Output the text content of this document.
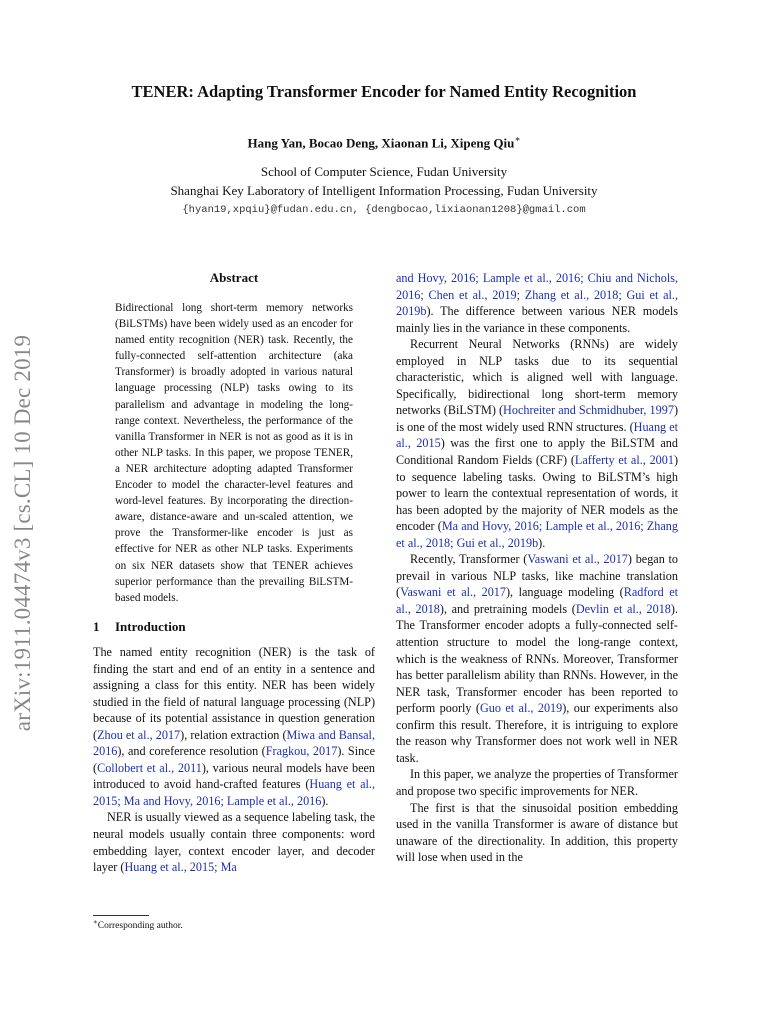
arXiv:1911.04474v3 [cs.CL] 10 Dec 2019
TENER: Adapting Transformer Encoder for Named Entity Recognition
Hang Yan, Bocao Deng, Xiaonan Li, Xipeng Qiu∗
School of Computer Science, Fudan University
Shanghai Key Laboratory of Intelligent Information Processing, Fudan University
{hyan19,xpqiu}@fudan.edu.cn, {dengbocao,lixiaonan1208}@gmail.com
Abstract
Bidirectional long short-term memory networks (BiLSTMs) have been widely used as an encoder for named entity recognition (NER) task. Recently, the fully-connected self-attention architecture (aka Transformer) is broadly adopted in various natural language processing (NLP) tasks owing to its parallelism and advantage in modeling the long-range context. Nevertheless, the performance of the vanilla Transformer in NER is not as good as it is in other NLP tasks. In this paper, we propose TENER, a NER architecture adopting adapted Transformer Encoder to model the character-level features and word-level features. By incorporating the direction-aware, distance-aware and un-scaled attention, we prove the Transformer-like encoder is just as effective for NER as other NLP tasks. Experiments on six NER datasets show that TENER achieves superior performance than the prevailing BiLSTM-based models.
1 Introduction

The named entity recognition (NER) is the task of finding the start and end of an entity in a sentence and assigning a class for this entity. NER has been widely studied in the field of natural language processing (NLP) because of its potential assistance in question generation (Zhou et al., 2017), relation extraction (Miwa and Bansal, 2016), and coreference resolution (Fragkou, 2017). Since (Collobert et al., 2011), various neural models have been introduced to avoid hand-crafted features (Huang et al., 2015; Ma and Hovy, 2016; Lample et al., 2016).

NER is usually viewed as a sequence labeling task, the neural models usually contain three components: word embedding layer, context encoder layer, and decoder layer (Huang et al., 2015; Ma

∗Corresponding author.

and Hovy, 2016; Lample et al., 2016; Chiu and Nichols, 2016; Chen et al., 2019; Zhang et al., 2018; Gui et al., 2019b). The difference between various NER models mainly lies in the variance in these components.

Recurrent Neural Networks (RNNs) are widely employed in NLP tasks due to its sequential characteristic, which is aligned well with language. Specifically, bidirectional long short-term memory networks (BiLSTM) (Hochreiter and Schmidhuber, 1997) is one of the most widely used RNN structures. (Huang et al., 2015) was the first one to apply the BiLSTM and Conditional Random Fields (CRF) (Lafferty et al., 2001) to sequence labeling tasks. Owing to BiLSTM’s high power to learn the contextual representation of words, it has been adopted by the majority of NER models as the encoder (Ma and Hovy, 2016; Lample et al., 2016; Zhang et al., 2018; Gui et al., 2019b).

Recently, Transformer (Vaswani et al., 2017) began to prevail in various NLP tasks, like machine translation (Vaswani et al., 2017), language modeling (Radford et al., 2018), and pretraining models (Devlin et al., 2018). The Transformer encoder adopts a fully-connected self-attention structure to model the long-range context, which is the weakness of RNNs. Moreover, Transformer has better parallelism ability than RNNs. However, in the NER task, Transformer encoder has been reported to perform poorly (Guo et al., 2019), our experiments also confirm this result. Therefore, it is intriguing to explore the reason why Transformer does not work well in NER task.

In this paper, we analyze the properties of Transformer and propose two specific improvements for NER.

The first is that the sinusoidal position embedding used in the vanilla Transformer is aware of distance but unaware of the directionality. In addition, this property will lose when used in the
